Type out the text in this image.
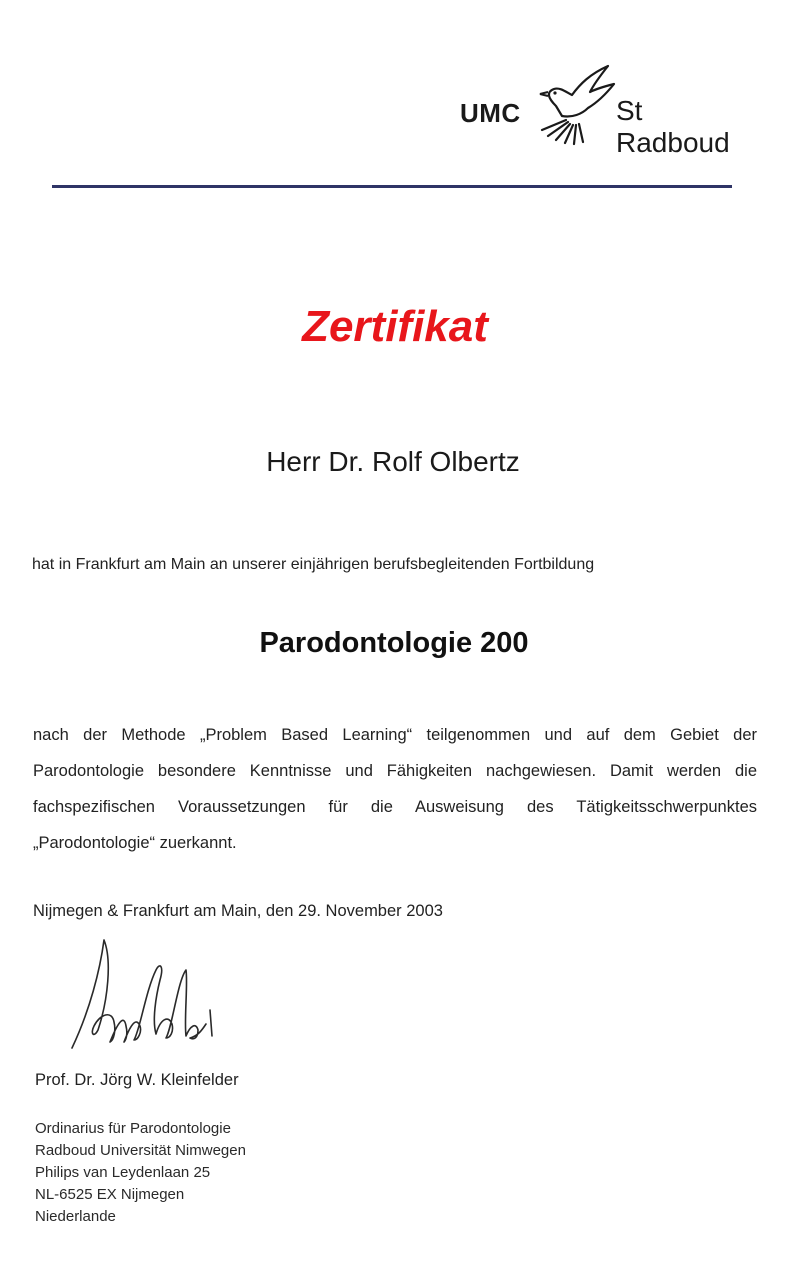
UMC	St Radboud
Zertifikat
Herr Dr. Rolf Olbertz
hat in Frankfurt am Main an unserer einjährigen berufsbegleitenden Fortbildung
Parodontologie 200
nach der Methode „Problem Based Learning“ teilgenommen und auf dem Gebiet der Parodontologie besondere Kenntnisse und Fähigkeiten nachgewiesen. Damit werden die fachspezifischen Voraussetzungen für die Ausweisung des Tätigkeitsschwerpunktes „Parodontologie“ zuerkannt.
Nijmegen & Frankfurt am Main, den 29. November 2003
Prof. Dr. Jörg W. Kleinfelder
Ordinarius für Parodontologie
Radboud Universität Nimwegen
Philips van Leydenlaan 25
NL-6525 EX Nijmegen
Niederlande
